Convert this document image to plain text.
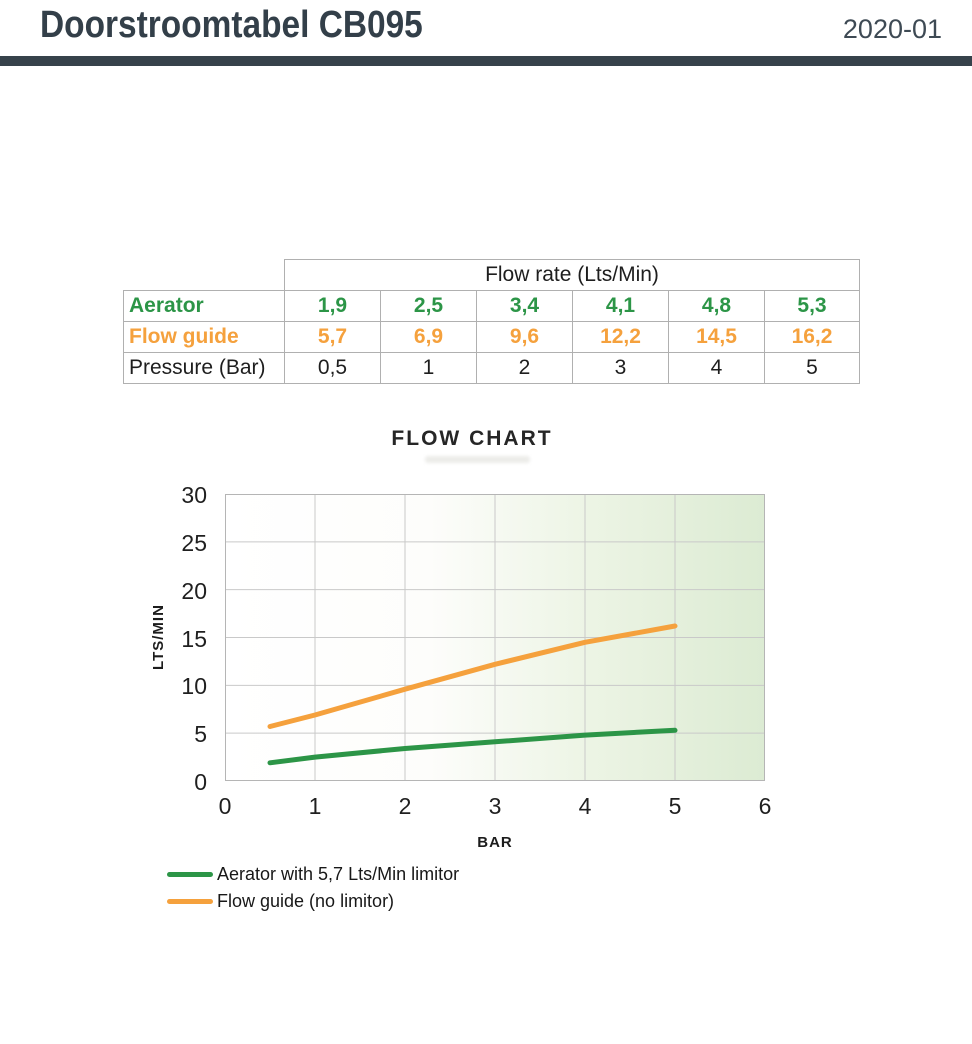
Doorstroomtabel CB095	2020-01
	Flow rate (Lts/Min)					
Aerator	1,9	2,5	3,4	4,1	4,8	5,3
Flow guide	5,7	6,9	9,6	12,2	14,5	16,2
Pressure (Bar)	0,5	1	2	3	4	5
FLOW CHART
0
5
10
15
20
25
30
0	1	2	3	4	5	6
LTS/MIN
BAR
Aerator with 5,7 Lts/Min limitor
Flow guide (no limitor)
